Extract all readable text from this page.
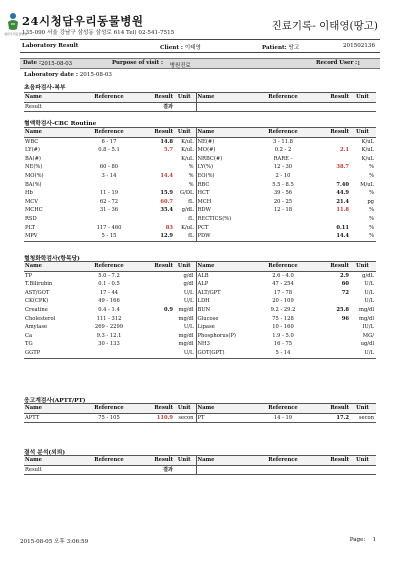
청담우리동물병원
24시청담우리동물병원
135-090 서울 강남구 삼성동 삼성로 614 Tel) 02-541-7515
진료기록- 이태영(땅고)
Laboratory Result	Client : 이태영	Patient: 땅고	201502136
Date : 2015-08-03	Purpose of visit : 병원진료	Record User : 1
Laboratory date : 2015-08-03
초음파검사-복부
Name	Reference	Result	Unit	Name	Reference	Result	Unit
Result		결과					
혈액학검사-CBC Routine
Name	Reference	Result	Unit	Name	Reference	Result	Unit
WBC	6 - 17	14.8	K/uL	NE(#)	3 - 11.8		K/uL
LY(#)	0.8 - 5.1	5.7	K/uL	MO(#)	0.2 - 2	2.1	K/uL
BA(#)			K/uL	NRBC(#)	RARE -		K/uL
NE(%)	60 - 80		%	LY(%)	12 - 30	38.7	%
MO(%)	3 - 14	14.4	%	EO(%)	2 - 10		%
BA(%)			%	RBC	5.5 - 8.5	7.40	M/uL
Hb	11 - 19	15.9	G/DL	HCT	39 - 56	44.9	%
MCV	62 - 72	60.7	fL	MCH	20 - 25	21.4	pg
MCHC	31 - 36	35.4	g/dL	RDW	12 - 18	11.8	%
RSD			fL	RECTICS(%)			%
PLT	117 - 460	83	K/uL	PCT		0.11	%
MPV	5 - 15	12.9	fL	PDW		14.4	%
혈청화학검사(항목당)
Name	Reference	Result	Unit	Name	Reference	Result	Unit
TP	5.0 - 7.2		g/dl	ALB	2.6 - 4.0	2.9	g/dL
T.Bilirubin	0.1 - 0.5		g/dl	ALP	47 - 254	60	U/L
AST/GOT	17 - 44		U/L	ALT/GPT	17 - 78	72	U/L
CK(CPK)	49 - 166		U/L	LDH	20 - 109		U/L
Creatine	0.4 - 1.4	0.9	mg/dl	BUN	9.2 - 29.2	25.8	mg/dl
Cholesterol	111 - 312		mg/dl	Glucose	75 - 128	96	mg/dl
Amylase	269 - 2299		U/L	Lipase	10 - 160		IU/L
Ca	9.3 - 12.1		mg/dl	Phosphorus(P)	1.9 - 5.0		MG/
TG	30 - 133		mg/dl	NH3	16 - 75		ug/dl
GGTP			U/L	GOT(GPT)	5 - 14		U/L
응고계검사(APTT/PT)
Name	Reference	Result	Unit	Name	Reference	Result	Unit
APTT	75 - 105	110.9	secon	PT	14 - 19	17.2	secon
결석 분석(외뢰)
Name	Reference	Result	Unit	Name	Reference	Result	Unit
Result		결과					
2015-08-05 오후 3:06:59	Page: 1
